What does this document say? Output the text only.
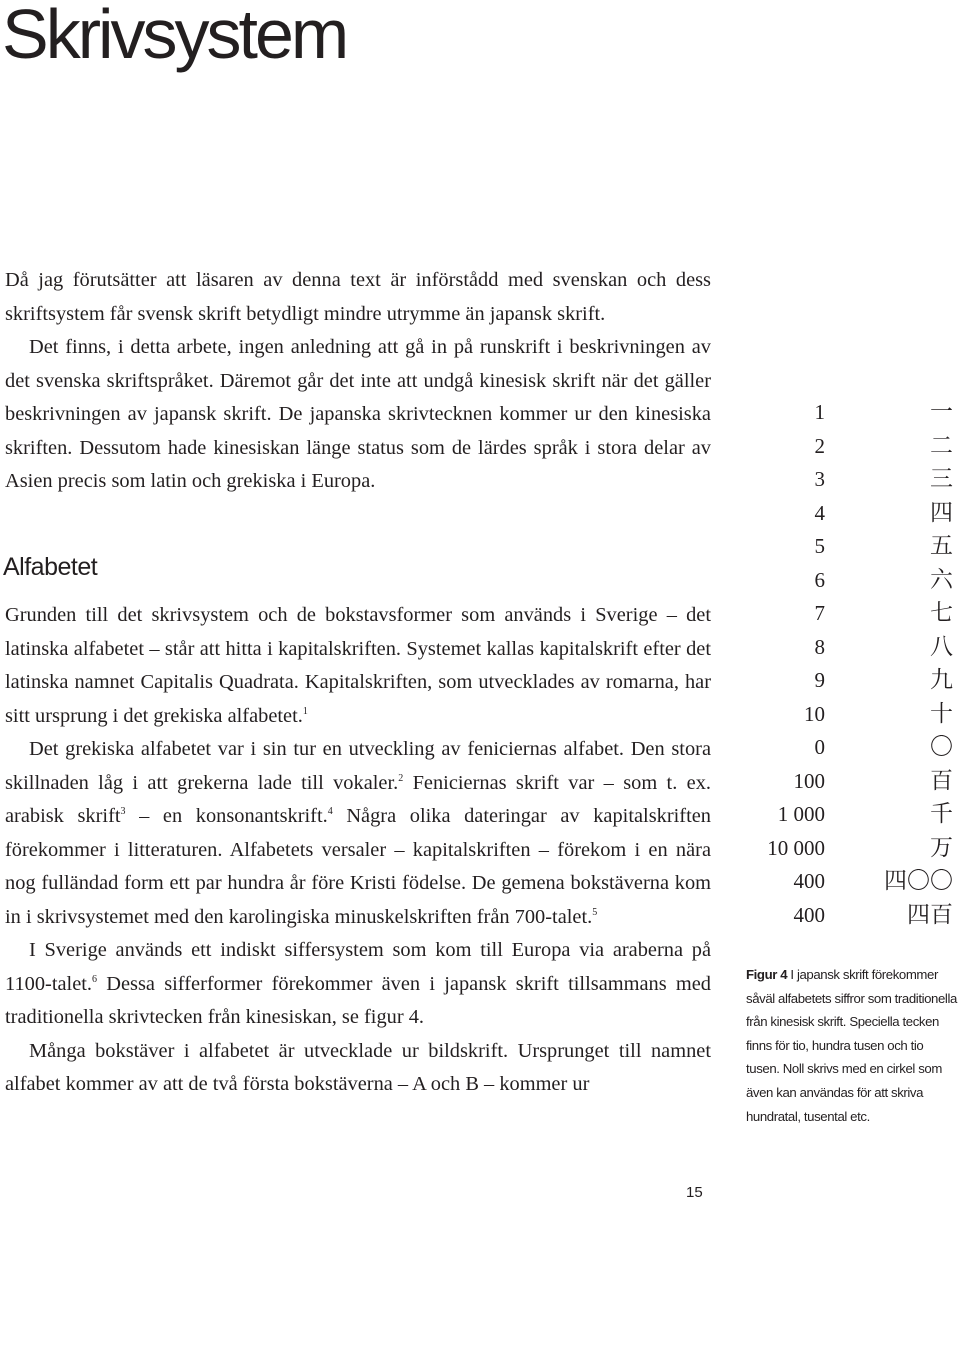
Skrivsystem

Då jag förutsätter att läsaren av denna text är införstådd med svenskan och dess skriftsystem får svensk skrift betydligt mindre utrymme än japansk skrift.

Det finns, i detta arbete, ingen anledning att gå in på runskrift i beskrivningen av det svenska skriftspråket. Däremot går det inte att undgå kinesisk skrift när det gäller beskrivningen av japansk skrift. De japanska skrivtecknen kommer ur den kinesiska skriften. Dessutom hade kinesiskan länge status som de lärdes språk i stora delar av Asien precis som latin och grekiska i Europa.

Alfabetet

Grunden till det skrivsystem och de bokstavsformer som används i Sverige – det latinska alfabetet – står att hitta i kapitalskriften. Systemet kallas kapitalskrift efter det latinska namnet Capitalis Quadrata. Kapitalskriften, som utvecklades av romarna, har sitt ursprung i det grekiska alfabetet.$^1$

Det grekiska alfabetet var i sin tur en utveckling av feniciernas alfabet. Den stora skillnaden låg i att grekerna lade till vokaler.$^2$ Feniciernas skrift var – som t. ex. arabisk skrift$^3$ – en konsonantskrift.$^4$ Några olika dateringar av kapitalskriften förekommer i litteraturen. Alfabetets versaler – kapitalskriften – förekom i en nära nog fulländad form ett par hundra år före Kristi födelse. De gemena bokstäverna kom in i skrivsystemet med den karolingiska minuskelskriften från 700-talet.$^5$

I Sverige används ett indiskt siffersystem som kom till Europa via araberna på 1100-talet.$^6$ Dessa sifferformer förekommer även i japansk skrift tillsammans med traditionella skrivtecken från kinesiskan, se figur 4.

Många bokstäver i alfabetet är utvecklade ur bildskrift. Ursprunget till namnet alfabet kommer av att de två första bokstäverna – A och B – kommer ur

1
2
3
4
5
6
7
8
9
10
0
100
1 000
10 000
400
400
一
二
三
四
五
六
七
八
九
十
〇
百
千
万
四〇〇
四百
Figur 4 I japansk skrift förekommer såväl alfabetets siffror som traditionella från kinesisk skrift. Speciella tecken finns för tio, hundra tusen och tio tusen. Noll skrivs med en cirkel som även kan användas för att skriva hundratal, tusental etc.
15
